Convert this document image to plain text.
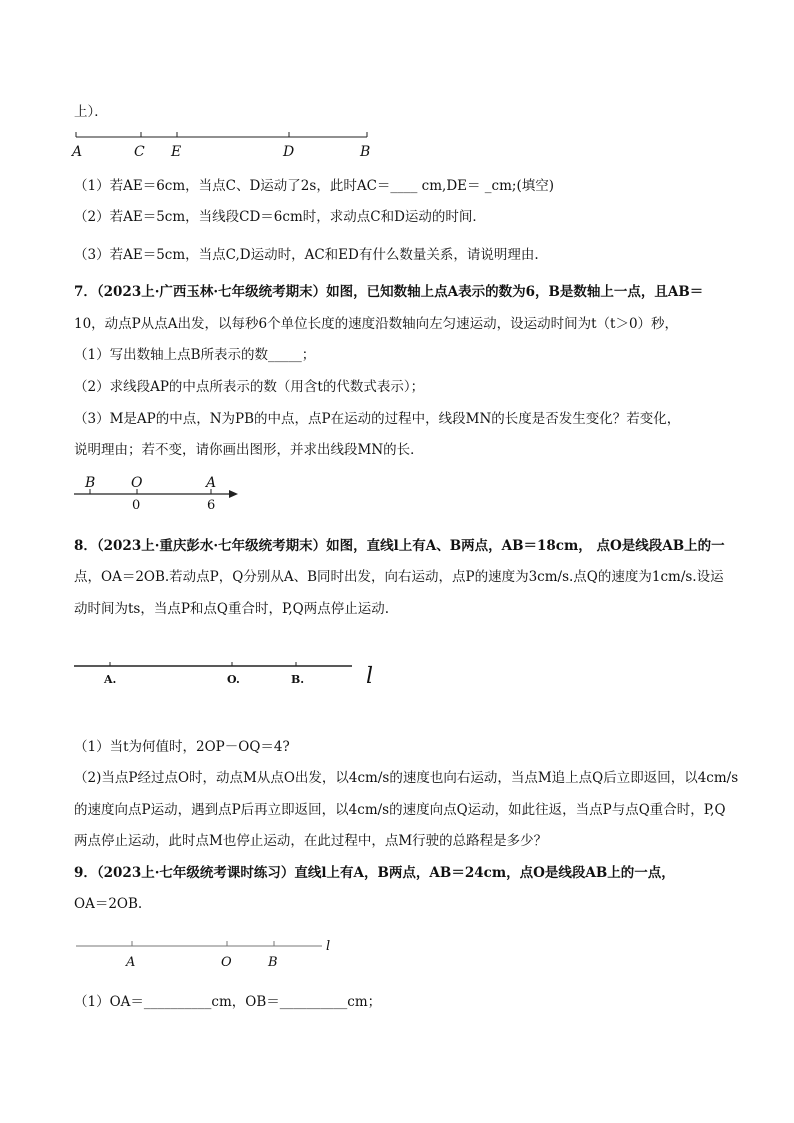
上）．
A	C E	D	B
（1）若AE＝6cm，当点C、D运动了2s，此时AC＝____ cm,DE＝ _cm;(填空)
（2）若AE＝5cm，当线段CD＝6cm时，求动点C和D运动的时间．
（3）若AE＝5cm，当点C,D运动时，AC和ED有什么数量关系，请说明理由.
7．（2023上·广西玉林·七年级统考期末）如图，已知数轴上点A表示的数为6，B是数轴上一点，且AB＝
10，动点P从点A出发，以每秒6个单位长度的速度沿数轴向左匀速运动，设运动时间为t（t＞0）秒，
（1）写出数轴上点B所表示的数_____；
（2）求线段AP的中点所表示的数（用含t的代数式表示）；
（3）M是AP的中点，N为PB的中点，点P在运动的过程中，线段MN的长度是否发生变化？若变化，
说明理由；若不变，请你画出图形，并求出线段MN的长．
B	O	A
0	6
8．（2023上·重庆彭水·七年级统考期末）如图，直线l上有A、B两点，AB＝18cm， 点O是线段AB上的一
点，OA＝2OB.若动点P，Q分别从A、B同时出发，向右运动，点P的速度为3cm/s.点Q的速度为1cm/s.设运
动时间为ts，当点P和点Q重合时，P,Q两点停止运动.
A.	O.	B.	l
（1）当t为何值时，2OP－OQ＝4?
（2)当点P经过点O时，动点M从点O出发，以4cm/s的速度也向右运动，当点M追上点Q后立即返回，以4cm/s
的速度向点P运动，遇到点P后再立即返回，以4cm/s的速度向点Q运动，如此往返，当点P与点Q重合时，P,Q
两点停止运动，此时点M也停止运动，在此过程中，点M行驶的总路程是多少？
9．（2023上·七年级统考课时练习）直线l上有A，B两点，AB＝24cm，点O是线段AB上的一点，
OA＝2OB.
A	O	B
l
（1）OA＝__________cm，OB＝__________cm；
